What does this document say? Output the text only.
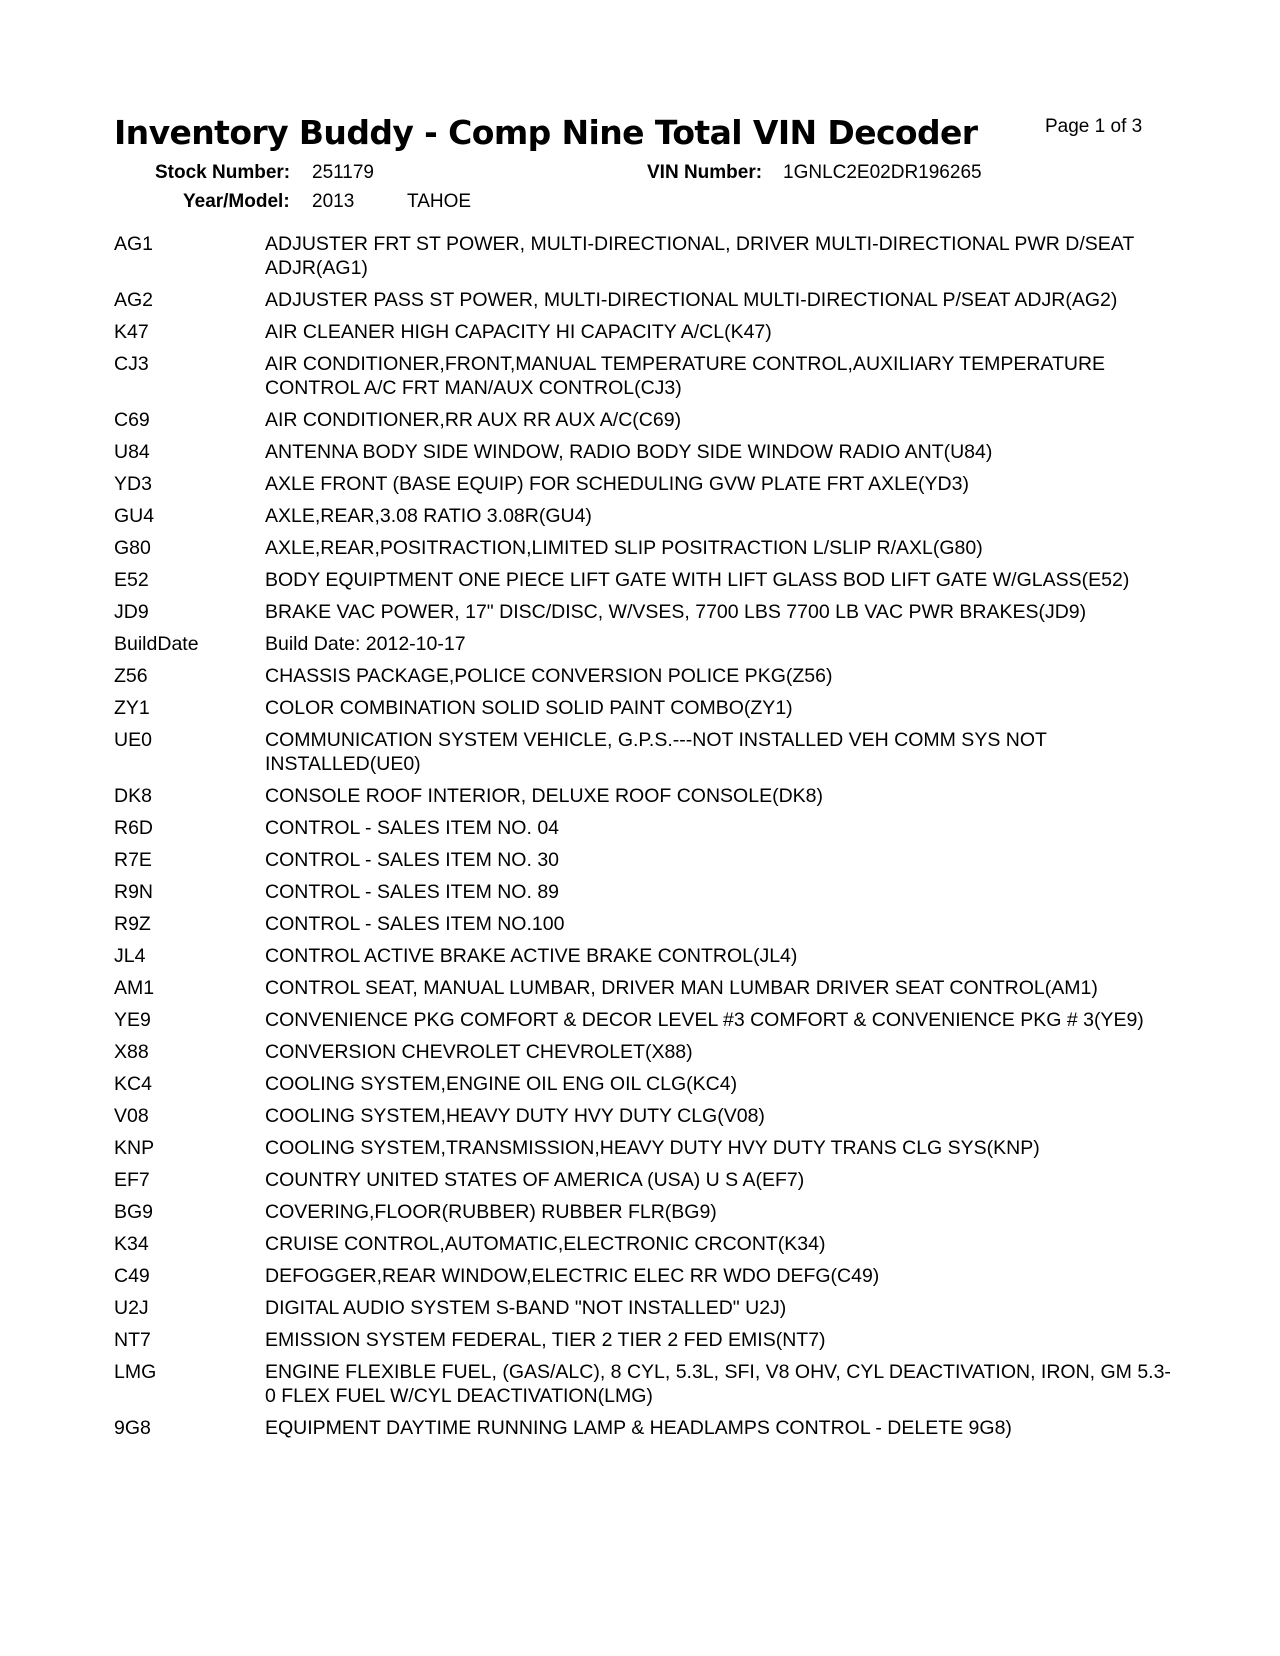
Inventory Buddy - Comp Nine Total VIN Decoder	Page 1 of 3
Stock Number: 251179	VIN Number: 1GNLC2E02DR196265
Year/Model: 2013	TAHOE
AG1	ADJUSTER FRT ST POWER, MULTI-DIRECTIONAL, DRIVER MULTI-DIRECTIONAL PWR D/SEAT ADJR(AG1)
AG2	ADJUSTER PASS ST POWER, MULTI-DIRECTIONAL MULTI-DIRECTIONAL P/SEAT ADJR(AG2)
K47	AIR CLEANER HIGH CAPACITY HI CAPACITY A/CL(K47)
CJ3	AIR CONDITIONER,FRONT,MANUAL TEMPERATURE CONTROL,AUXILIARY TEMPERATURE CONTROL A/C FRT MAN/AUX CONTROL(CJ3)
C69	AIR CONDITIONER,RR AUX RR AUX A/C(C69)
U84	ANTENNA BODY SIDE WINDOW, RADIO BODY SIDE WINDOW RADIO ANT(U84)
YD3	AXLE FRONT (BASE EQUIP) FOR SCHEDULING GVW PLATE FRT AXLE(YD3)
GU4	AXLE,REAR,3.08 RATIO 3.08R(GU4)
G80	AXLE,REAR,POSITRACTION,LIMITED SLIP POSITRACTION L/SLIP R/AXL(G80)
E52	BODY EQUIPTMENT ONE PIECE LIFT GATE WITH LIFT GLASS BOD LIFT GATE W/GLASS(E52)
JD9	BRAKE VAC POWER, 17" DISC/DISC, W/VSES, 7700 LBS 7700 LB VAC PWR BRAKES(JD9)
BuildDate	Build Date: 2012-10-17
Z56	CHASSIS PACKAGE,POLICE CONVERSION POLICE PKG(Z56)
ZY1	COLOR COMBINATION SOLID SOLID PAINT COMBO(ZY1)
UE0	COMMUNICATION SYSTEM VEHICLE, G.P.S.---NOT INSTALLED VEH COMM SYS NOT INSTALLED(UE0)
DK8	CONSOLE ROOF INTERIOR, DELUXE ROOF CONSOLE(DK8)
R6D	CONTROL - SALES ITEM NO. 04
R7E	CONTROL - SALES ITEM NO. 30
R9N	CONTROL - SALES ITEM NO. 89
R9Z	CONTROL - SALES ITEM NO.100
JL4	CONTROL ACTIVE BRAKE ACTIVE BRAKE CONTROL(JL4)
AM1	CONTROL SEAT, MANUAL LUMBAR, DRIVER MAN LUMBAR DRIVER SEAT CONTROL(AM1)
YE9	CONVENIENCE PKG COMFORT & DECOR LEVEL #3 COMFORT & CONVENIENCE PKG # 3(YE9)
X88	CONVERSION CHEVROLET CHEVROLET(X88)
KC4	COOLING SYSTEM,ENGINE OIL ENG OIL CLG(KC4)
V08	COOLING SYSTEM,HEAVY DUTY HVY DUTY CLG(V08)
KNP	COOLING SYSTEM,TRANSMISSION,HEAVY DUTY HVY DUTY TRANS CLG SYS(KNP)
EF7	COUNTRY UNITED STATES OF AMERICA (USA) U S A(EF7)
BG9	COVERING,FLOOR(RUBBER) RUBBER FLR(BG9)
K34	CRUISE CONTROL,AUTOMATIC,ELECTRONIC CRCONT(K34)
C49	DEFOGGER,REAR WINDOW,ELECTRIC ELEC RR WDO DEFG(C49)
U2J	DIGITAL AUDIO SYSTEM S-BAND "NOT INSTALLED" U2J)
NT7	EMISSION SYSTEM FEDERAL, TIER 2 TIER 2 FED EMIS(NT7)
LMG	ENGINE FLEXIBLE FUEL, (GAS/ALC), 8 CYL, 5.3L, SFI, V8 OHV, CYL DEACTIVATION, IRON, GM 5.3-0 FLEX FUEL W/CYL DEACTIVATION(LMG)
9G8	EQUIPMENT DAYTIME RUNNING LAMP & HEADLAMPS CONTROL - DELETE 9G8)
